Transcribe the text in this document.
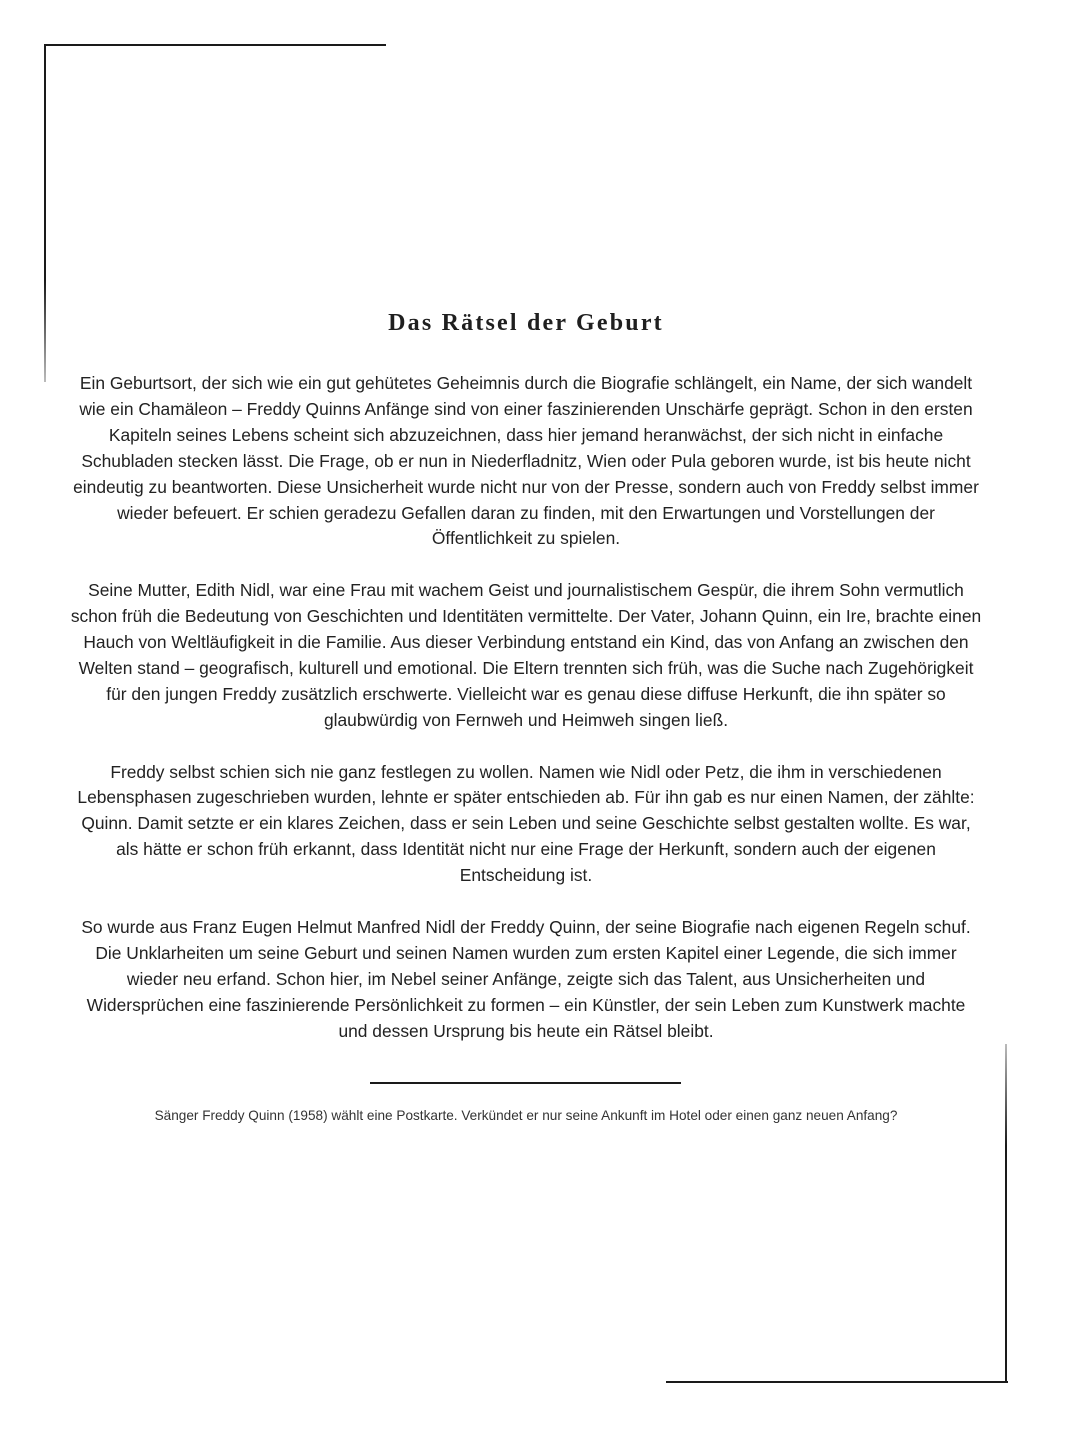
Das Rätsel der Geburt

Ein Geburtsort, der sich wie ein gut gehütetes Geheimnis durch die Biografie schlängelt, ein Name, der sich wandelt wie ein Chamäleon – Freddy Quinns Anfänge sind von einer faszinierenden Unschärfe geprägt. Schon in den ersten Kapiteln seines Lebens scheint sich abzuzeichnen, dass hier jemand heranwächst, der sich nicht in einfache Schubladen stecken lässt. Die Frage, ob er nun in Niederfladnitz, Wien oder Pula geboren wurde, ist bis heute nicht eindeutig zu beantworten. Diese Unsicherheit wurde nicht nur von der Presse, sondern auch von Freddy selbst immer wieder befeuert. Er schien geradezu Gefallen daran zu finden, mit den Erwartungen und Vorstellungen der Öffentlichkeit zu spielen.

Seine Mutter, Edith Nidl, war eine Frau mit wachem Geist und journalistischem Gespür, die ihrem Sohn vermutlich schon früh die Bedeutung von Geschichten und Identitäten vermittelte. Der Vater, Johann Quinn, ein Ire, brachte einen Hauch von Weltläufigkeit in die Familie. Aus dieser Verbindung entstand ein Kind, das von Anfang an zwischen den Welten stand – geografisch, kulturell und emotional. Die Eltern trennten sich früh, was die Suche nach Zugehörigkeit für den jungen Freddy zusätzlich erschwerte. Vielleicht war es genau diese diffuse Herkunft, die ihn später so glaubwürdig von Fernweh und Heimweh singen ließ.

Freddy selbst schien sich nie ganz festlegen zu wollen. Namen wie Nidl oder Petz, die ihm in verschiedenen Lebensphasen zugeschrieben wurden, lehnte er später entschieden ab. Für ihn gab es nur einen Namen, der zählte: Quinn. Damit setzte er ein klares Zeichen, dass er sein Leben und seine Geschichte selbst gestalten wollte. Es war, als hätte er schon früh erkannt, dass Identität nicht nur eine Frage der Herkunft, sondern auch der eigenen Entscheidung ist.

So wurde aus Franz Eugen Helmut Manfred Nidl der Freddy Quinn, der seine Biografie nach eigenen Regeln schuf. Die Unklarheiten um seine Geburt und seinen Namen wurden zum ersten Kapitel einer Legende, die sich immer wieder neu erfand. Schon hier, im Nebel seiner Anfänge, zeigte sich das Talent, aus Unsicherheiten und Widersprüchen eine faszinierende Persönlichkeit zu formen – ein Künstler, der sein Leben zum Kunstwerk machte und dessen Ursprung bis heute ein Rätsel bleibt.

Sänger Freddy Quinn (1958) wählt eine Postkarte. Verkündet er nur seine Ankunft im Hotel oder einen ganz neuen Anfang?
